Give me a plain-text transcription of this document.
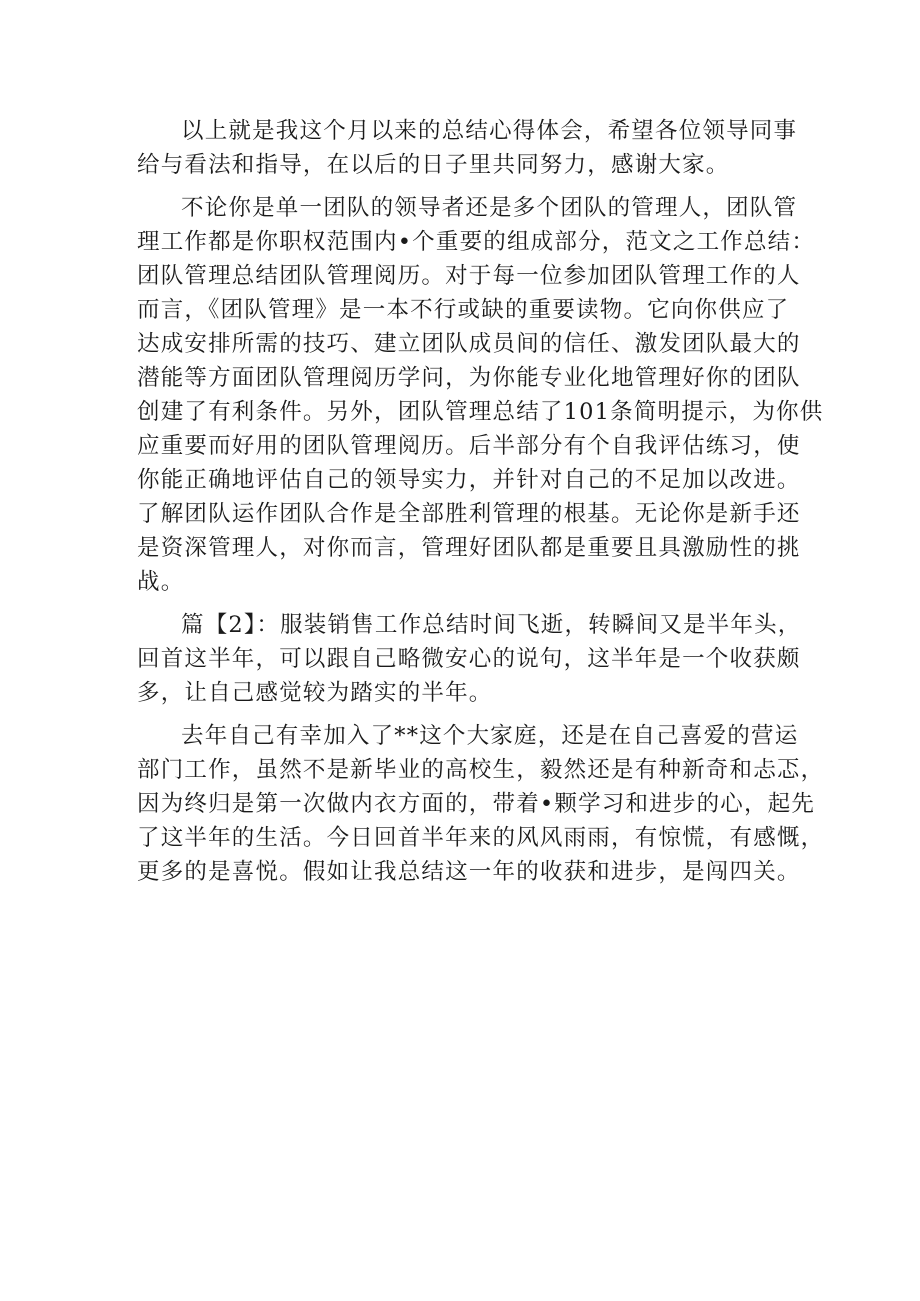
以上就是我这个月以来的总结心得体会，希望各位领导同事
给与看法和指导，在以后的日子里共同努力，感谢大家。
不论你是单一团队的领导者还是多个团队的管理人，团队管
理工作都是你职权范围内•个重要的组成部分，范文之工作总结：
团队管理总结团队管理阅历。对于每一位参加团队管理工作的人
而言，《团队管理》是一本不行或缺的重要读物。它向你供应了
达成安排所需的技巧、建立团队成员间的信任、激发团队最大的
潜能等方面团队管理阅历学问，为你能专业化地管理好你的团队
创建了有利条件。另外，团队管理总结了101条简明提示，为你供
应重要而好用的团队管理阅历。后半部分有个自我评估练习，使
你能正确地评估自己的领导实力，并针对自己的不足加以改进。
了解团队运作团队合作是全部胜利管理的根基。无论你是新手还
是资深管理人，对你而言，管理好团队都是重要且具激励性的挑
战。
篇【2】：服装销售工作总结时间飞逝，转瞬间又是半年头，
回首这半年，可以跟自己略微安心的说句，这半年是一个收获颇
多，让自己感觉较为踏实的半年。
去年自己有幸加入了**这个大家庭，还是在自己喜爱的营运
部门工作，虽然不是新毕业的高校生，毅然还是有种新奇和忐忑，
因为终归是第一次做内衣方面的，带着•颗学习和进步的心，起先
了这半年的生活。今日回首半年来的风风雨雨，有惊慌，有感慨，
更多的是喜悦。假如让我总结这一年的收获和进步，是闯四关。
